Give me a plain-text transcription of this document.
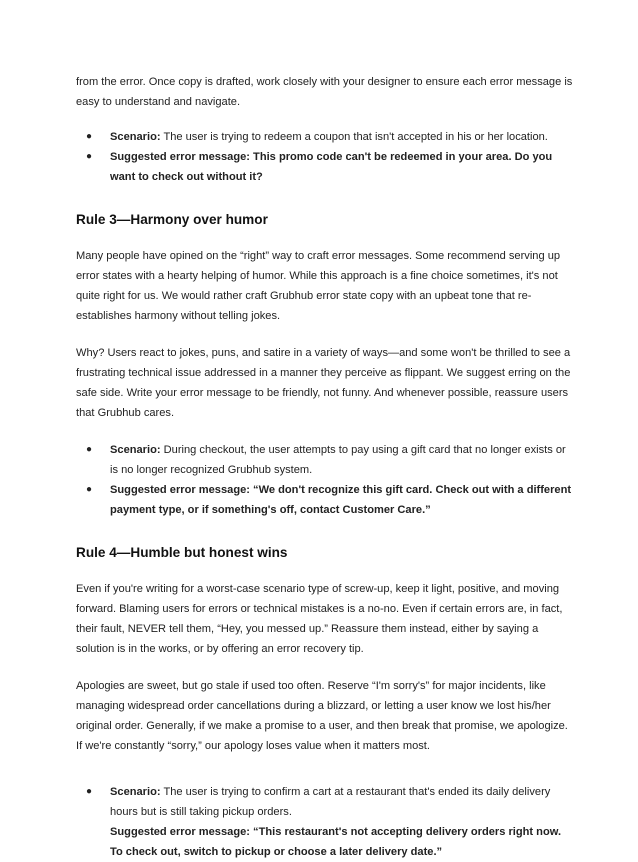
from the error. Once copy is drafted, work closely with your designer to ensure each error message is easy to understand and navigate.

● Scenario: The user is trying to redeem a coupon that isn't accepted in his or her location.
● Suggested error message: This promo code can't be redeemed in your area. Do you want to check out without it?
Rule 3—Harmony over humor

Many people have opined on the “right” way to craft error messages. Some recommend serving up error states with a hearty helping of humor. While this approach is a fine choice sometimes, it's not quite right for us. We would rather craft Grubhub error state copy with an upbeat tone that re-establishes harmony without telling jokes.

Why? Users react to jokes, puns, and satire in a variety of ways—and some won't be thrilled to see a frustrating technical issue addressed in a manner they perceive as flippant. We suggest erring on the safe side. Write your error message to be friendly, not funny. And whenever possible, reassure users that Grubhub cares.

● Scenario: During checkout, the user attempts to pay using a gift card that no longer exists or is no longer recognized Grubhub system.
● Suggested error message: “We don't recognize this gift card. Check out with a different payment type, or if something's off, contact Customer Care.”
Rule 4—Humble but honest wins

Even if you're writing for a worst-case scenario type of screw-up, keep it light, positive, and moving forward. Blaming users for errors or technical mistakes is a no-no. Even if certain errors are, in fact, their fault, NEVER tell them, “Hey, you messed up.” Reassure them instead, either by saying a solution is in the works, or by offering an error recovery tip.

Apologies are sweet, but go stale if used too often. Reserve “I'm sorry's” for major incidents, like managing widespread order cancellations during a blizzard, or letting a user know we lost his/her original order. Generally, if we make a promise to a user, and then break that promise, we apologize. If we're constantly “sorry,” our apology loses value when it matters most.

● Scenario: The user is trying to confirm a cart at a restaurant that's ended its daily delivery hours but is still taking pickup orders.
Suggested error message: “This restaurant's not accepting delivery orders right now. To check out, switch to pickup or choose a later delivery date.”
